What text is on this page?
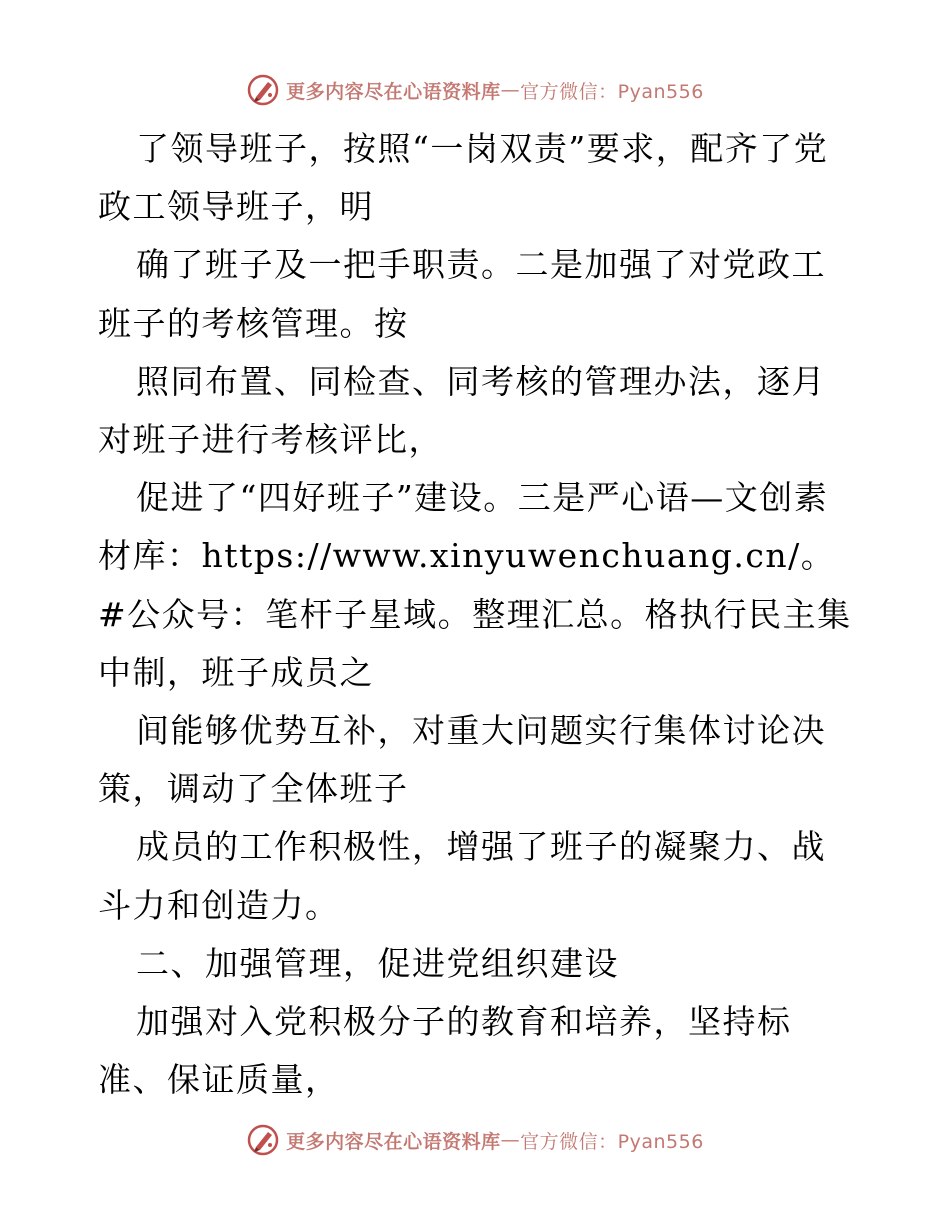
更多内容尽在心语资料库 — 官方微信：Pyan556

了领导班子，按照“一岗双责”要求，配齐了党政工领导班子，明

确了班子及一把手职责。二是加强了对党政工班子的考核管理。按

照同布置、同检查、同考核的管理办法，逐月对班子进行考核评比，

促进了“四好班子”建设。三是严心语—文创素材库：https://www.xinyuwenchuang.cn/。#公众号：笔杆子星域。整理汇总。格执行民主集中制，班子成员之

间能够优势互补，对重大问题实行集体讨论决策，调动了全体班子

成员的工作积极性，增强了班子的凝聚力、战斗力和创造力。

二、加强管理，促进党组织建设

加强对入党积极分子的教育和培养，坚持标准、保证质量，

更多内容尽在心语资料库 — 官方微信：Pyan556
